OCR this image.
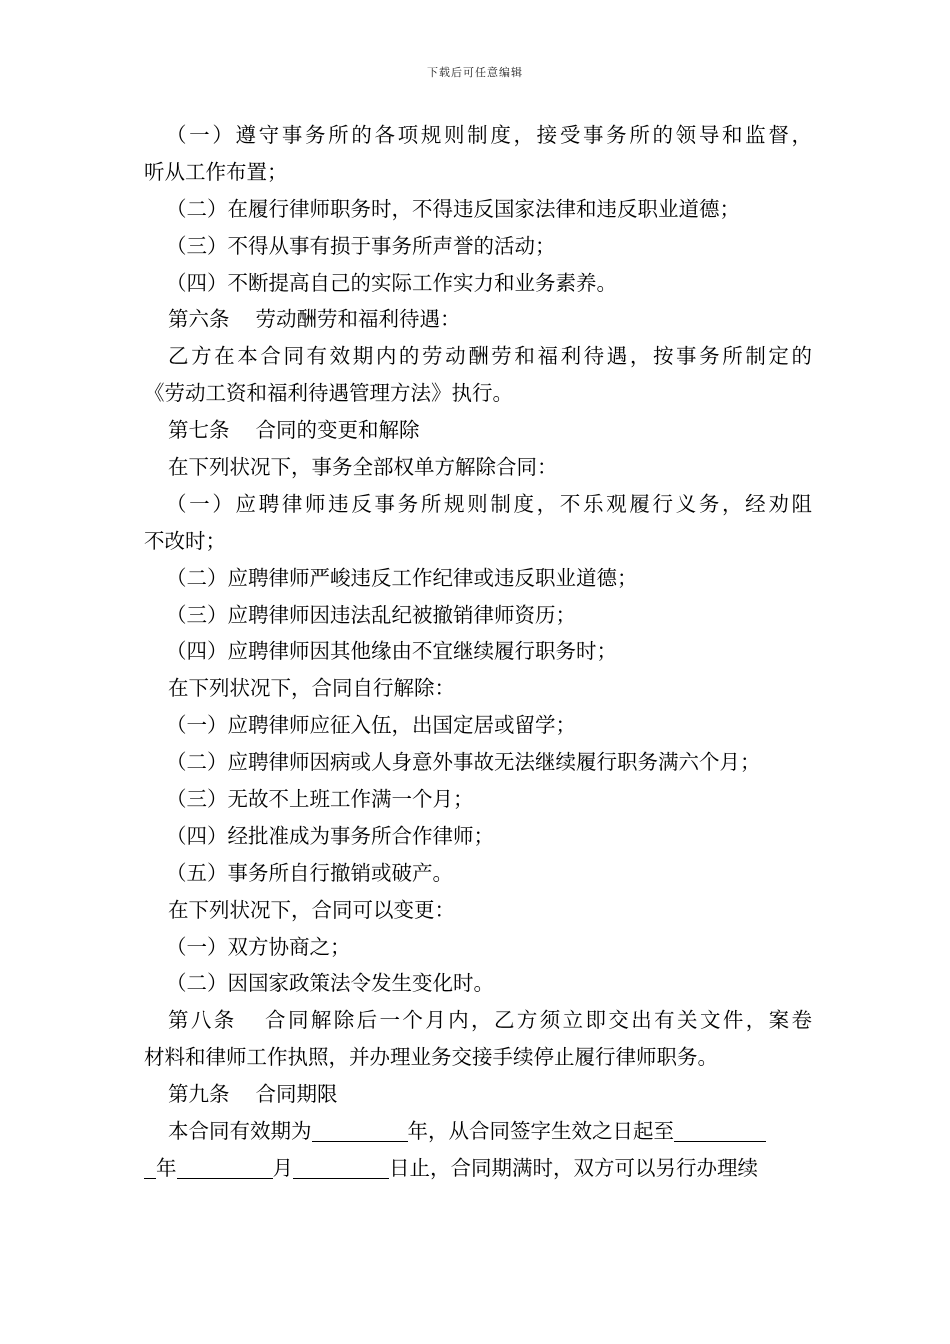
下载后可任意编辑
（一）遵守事务所的各项规则制度，接受事务所的领导和监督，
听从工作布置；
（二）在履行律师职务时，不得违反国家法律和违反职业道德；
（三）不得从事有损于事务所声誉的活动；
（四）不断提高自己的实际工作实力和业务素养。
第六条 劳动酬劳和福利待遇：
乙方在本合同有效期内的劳动酬劳和福利待遇，按事务所制定的
《劳动工资和福利待遇管理方法》执行。
第七条 合同的变更和解除
在下列状况下，事务全部权单方解除合同：
（一）应聘律师违反事务所规则制度，不乐观履行义务，经劝阻
不改时；
（二）应聘律师严峻违反工作纪律或违反职业道德；
（三）应聘律师因违法乱纪被撤销律师资历；
（四）应聘律师因其他缘由不宜继续履行职务时；
在下列状况下，合同自行解除：
（一）应聘律师应征入伍，出国定居或留学；
（二）应聘律师因病或人身意外事故无法继续履行职务满六个月；
（三）无故不上班工作满一个月；
（四）经批准成为事务所合作律师；
（五）事务所自行撤销或破产。
在下列状况下，合同可以变更：
（一）双方协商之；
（二）因国家政策法令发生变化时。
第八条 合同解除后一个月内，乙方须立即交出有关文件，案卷
材料和律师工作执照，并办理业务交接手续停止履行律师职务。
第九条 合同期限
本合同有效期为	年，从合同签字生效之日起至
年	月	日止，合同期满时，双方可以另行办理续
